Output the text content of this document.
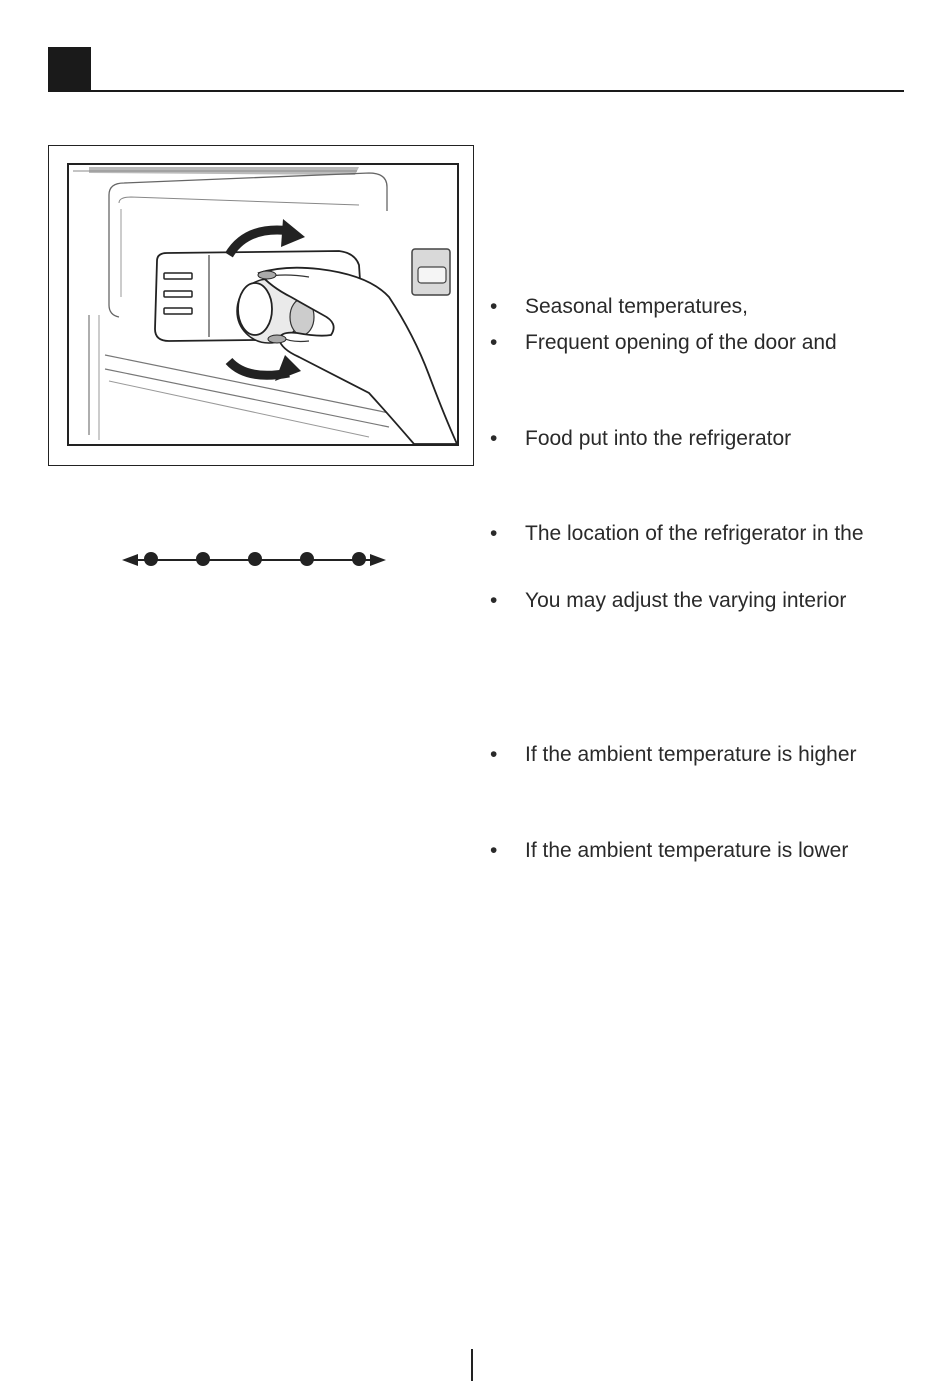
• Seasonal temperatures,
• Frequent opening of the door and
• Food put into the refrigerator
• The location of the refrigerator in the
• You may adjust the varying interior
• If the ambient temperature is higher
• If the ambient temperature is lower
